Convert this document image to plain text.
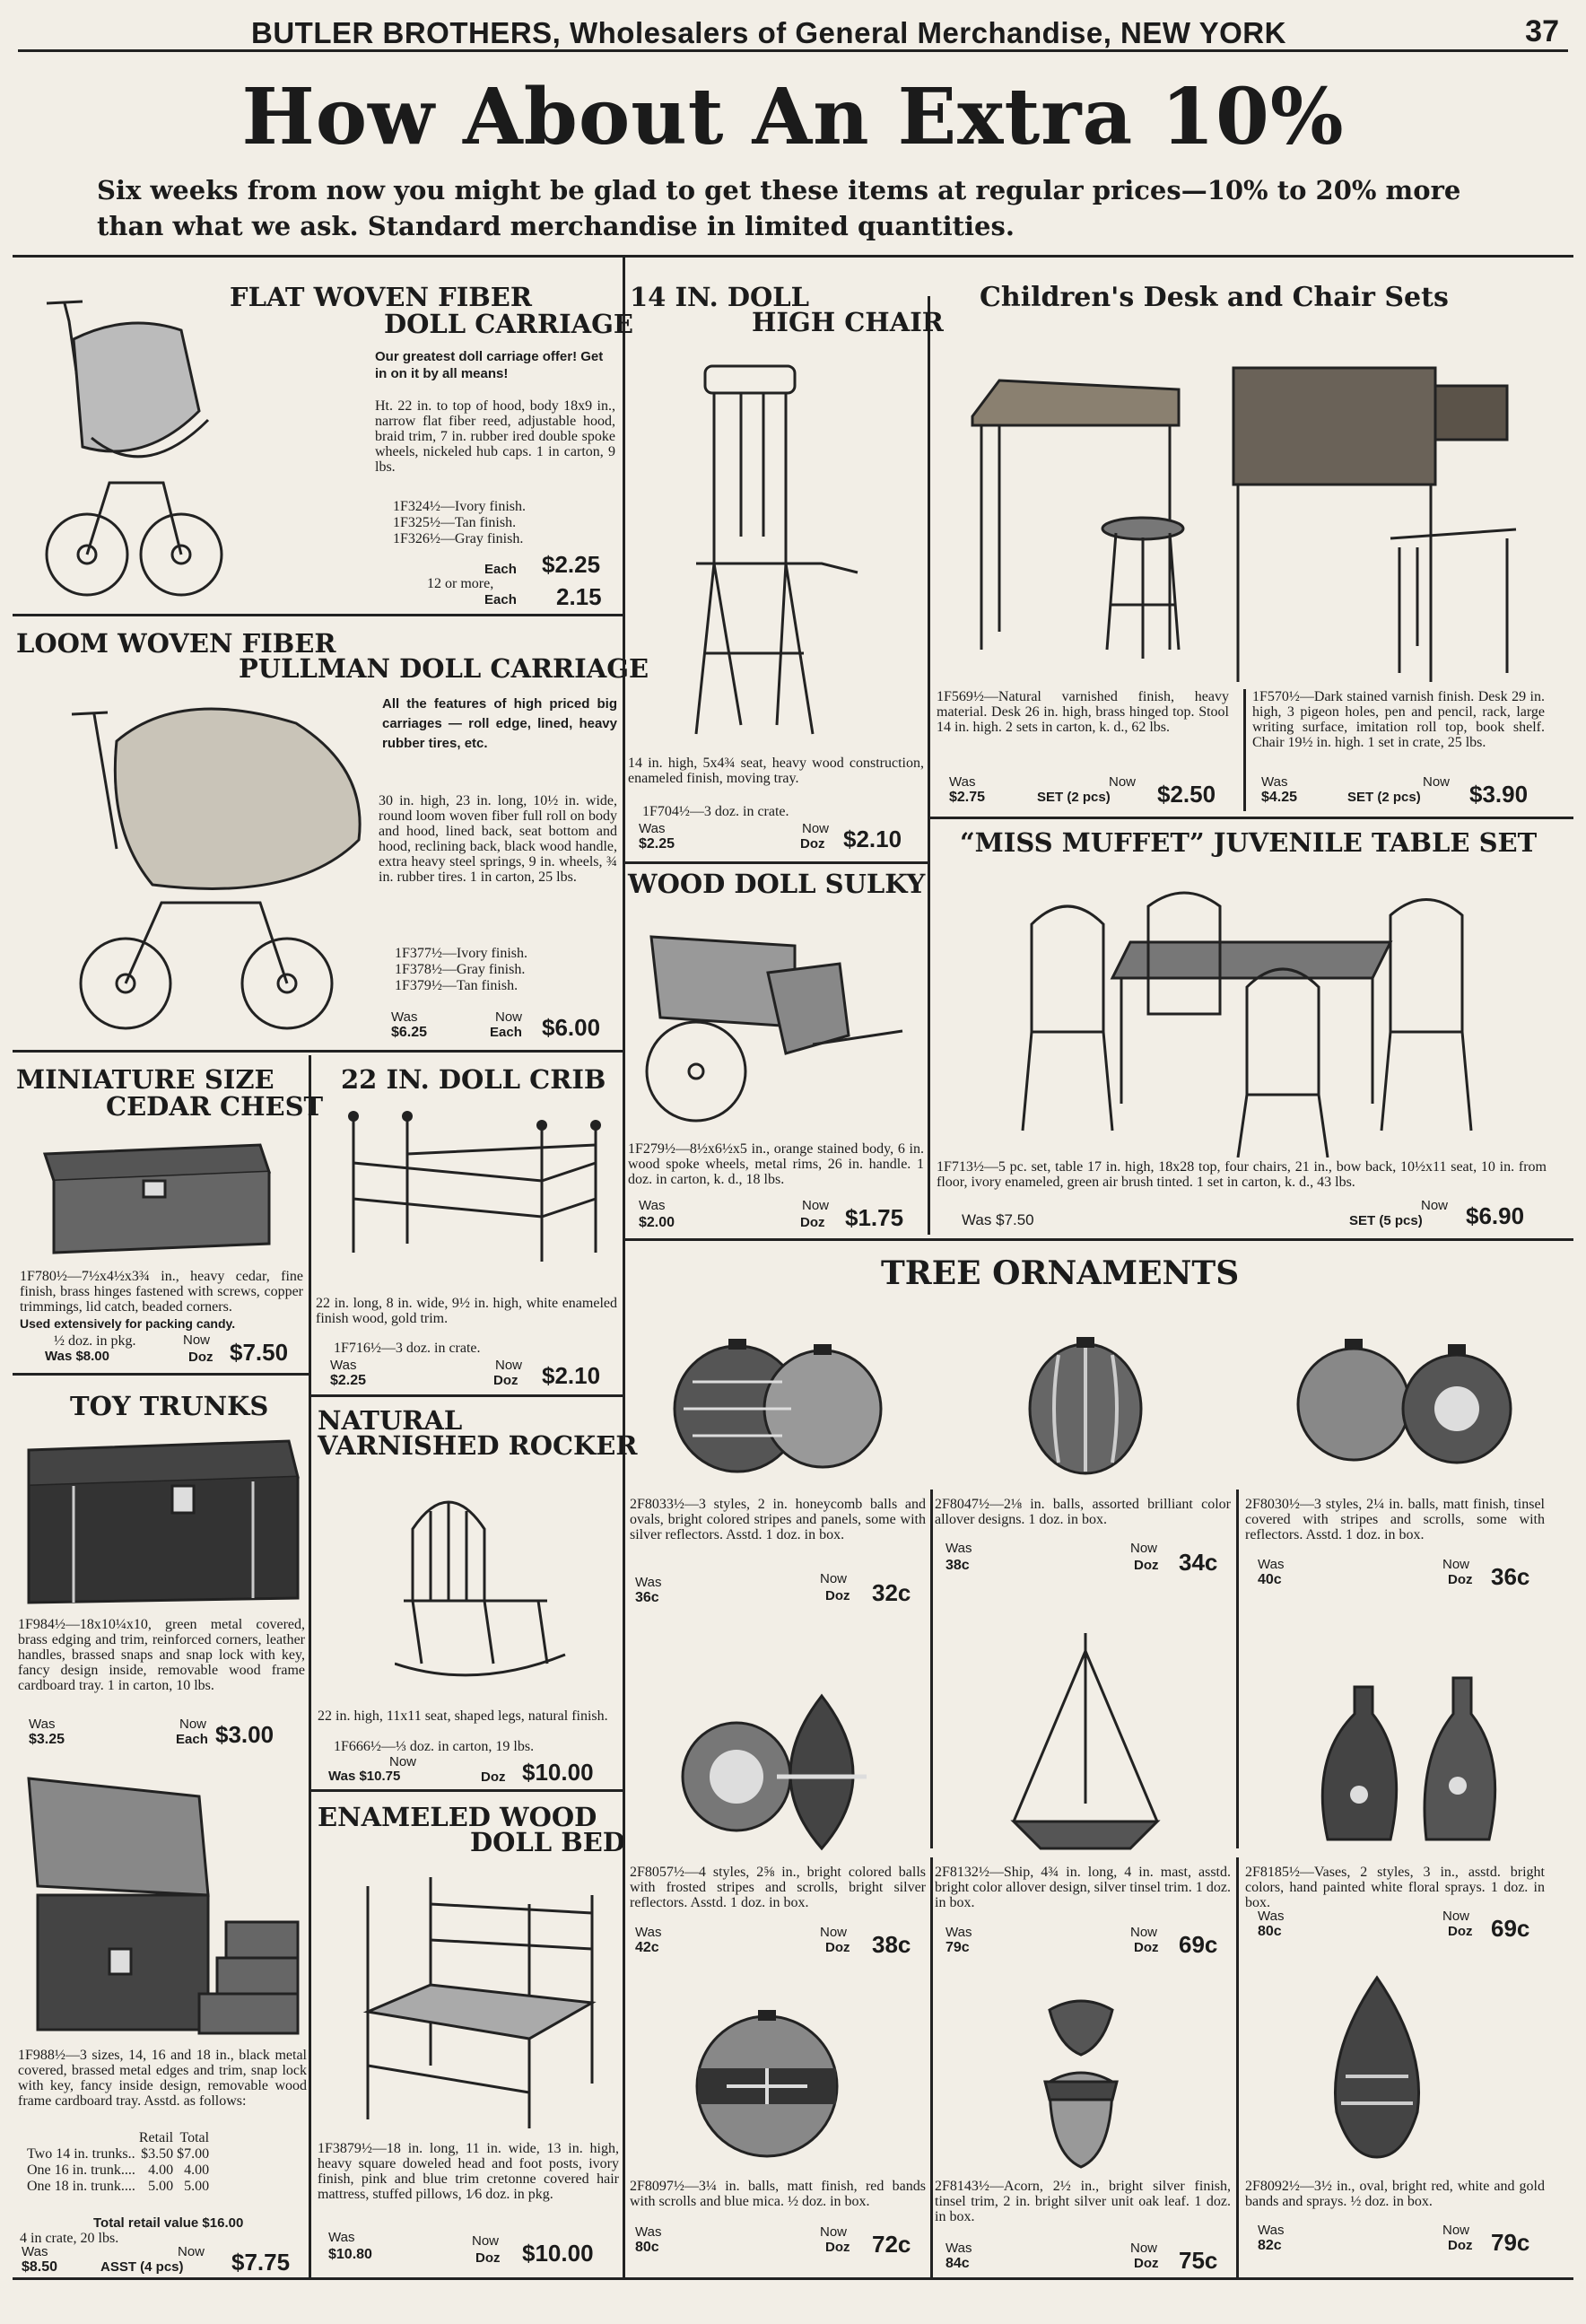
BUTLER BROTHERS, Wholesalers of General Merchandise, NEW YORK	37
How About An Extra 10%
Six weeks from now you might be glad to get these items at regular prices—10% to 20% more than what we ask. Standard merchandise in limited quantities.
FLAT WOVEN FIBER
DOLL CARRIAGE
Our greatest doll carriage offer! Get in on it by all means!
Ht. 22 in. to top of hood, body 18x9 in., narrow flat fiber reed, adjustable hood, braid trim, 7 in. rubber ired double spoke wheels, nickeled hub caps. 1 in carton, 9 lbs.
1F324½—Ivory finish.
1F325½—Tan finish.
1F326½—Gray finish.
Each $2.25
12 or more,
Each 2.15
LOOM WOVEN FIBER
PULLMAN DOLL CARRIAGE
All the features of high priced big carriages — roll edge, lined, heavy rubber tires, etc.
30 in. high, 23 in. long, 10½ in. wide, round loom woven fiber full roll on body and hood, lined back, seat bottom and hood, reclining back, black wood handle, extra heavy steel springs, 9 in. wheels, ¾ in. rubber tires. 1 in carton, 25 lbs.
1F377½—Ivory finish.
1F378½—Gray finish.
1F379½—Tan finish.
Was
$6.25
Now
Each $6.00
14 IN. DOLL
HIGH CHAIR
14 in. high, 5x4¾ seat, heavy wood construction, enameled finish, moving tray.
1F704½—3 doz. in crate.
Was
$2.25
Now
Doz $2.10
Children's Desk and Chair Sets
1F569½—Natural varnished finish, heavy material. Desk 26 in. high, brass hinged top. Stool 14 in. high. 2 sets in carton, k. d., 62 lbs.
Was
$2.75
Now
SET (2 pcs) $2.50
1F570½—Dark stained varnish finish. Desk 29 in. high, 3 pigeon holes, pen and pencil, rack, large writing surface, imitation roll top, book shelf. Chair 19½ in. high. 1 set in crate, 25 lbs.
Was
$4.25
Now
SET (2 pcs) $3.90
WOOD DOLL SULKY
1F279½—8½x6½x5 in., orange stained body, 6 in. wood spoke wheels, metal rims, 26 in. handle. 1 doz. in carton, k. d., 18 lbs.
Was
$2.00
Now
Doz $1.75
“MISS MUFFET” JUVENILE TABLE SET
1F713½—5 pc. set, table 17 in. high, 18x28 top, four chairs, 21 in., bow back, 10½x11 seat, 10 in. from floor, ivory enameled, green air brush tinted. 1 set in carton, k. d., 43 lbs.
Was $7.50
Now
SET (5 pcs) $6.90
MINIATURE SIZE
CEDAR CHEST
1F780½—7½x4½x3¾ in., heavy cedar, fine finish, brass hinges fastened with screws, copper trimmings, lid catch, beaded corners.
Used extensively for packing candy.
½ doz. in pkg.	Now
Was $8.00	Doz $7.50
22 IN. DOLL CRIB
22 in. long, 8 in. wide, 9½ in. high, white enameled finish wood, gold trim.
1F716½—3 doz. in crate.
Was
$2.25
Now
Doz $2.10
TOY TRUNKS
1F984½—18x10¼x10, green metal covered, brass edging and trim, reinforced corners, leather handles, brassed snaps and snap lock with key, fancy design inside, removable wood frame cardboard tray. 1 in carton, 10 lbs.
Was
$3.25
Now
Each $3.00
NATURAL
VARNISHED ROCKER
22 in. high, 11x11 seat, shaped legs, natural finish.
1F666½—⅓ doz. in carton, 19 lbs.
Now
Was $10.75	Doz $10.00
1F988½—3 sizes, 14, 16 and 18 in., black metal covered, brassed metal edges and trim, snap lock with key, fancy inside design, removable wood frame cardboard tray. Asstd. as follows:
	Retail	Total
Two 14 in. trunks..	$3.50	$7.00
One 16 in. trunk....	4.00	4.00
One 18 in. trunk....	5.00	5.00
Total retail value $16.00
4 in crate, 20 lbs.
Was
$8.50
Now
ASST (4 pcs) $7.75
ENAMELED WOOD
DOLL BED
1F3879½—18 in. long, 11 in. wide, 13 in. high, heavy square doweled head and foot posts, ivory finish, pink and blue trim cretonne covered hair mattress, stuffed pillows, 1⁄6 doz. in pkg.
Was
$10.80
Now
Doz $10.00
TREE ORNAMENTS
2F8033½—3 styles, 2 in. honeycomb balls and ovals, bright colored stripes and panels, some with silver reflectors. Asstd. 1 doz. in box.
Was
36c
Now
Doz 32c
2F8047½—2⅛ in. balls, assorted brilliant color allover designs. 1 doz. in box.
Was
38c
Now
Doz 34c
2F8030½—3 styles, 2¼ in. balls, matt finish, tinsel covered with stripes and scrolls, some with reflectors. Asstd. 1 doz. in box.
Was
40c
Now
Doz 36c
2F8057½—4 styles, 2⅝ in., bright colored balls with frosted stripes and scrolls, bright silver reflectors. Asstd. 1 doz. in box.
Was
42c
Now
Doz 38c
2F8132½—Ship, 4¾ in. long, 4 in. mast, asstd. bright color allover design, silver tinsel trim. 1 doz. in box.
Was
79c
Now
Doz 69c
2F8185½—Vases, 2 styles, 3 in., asstd. bright colors, hand painted white floral sprays. 1 doz. in box.
Was
80c
Now
Doz 69c
2F8097½—3¼ in. balls, matt finish, red bands with scrolls and blue mica. ½ doz. in box.
Was
80c
Now
Doz 72c
2F8143½—Acorn, 2½ in., bright silver finish, tinsel trim, 2 in. bright silver unit oak leaf. 1 doz. in box.
Was
84c
Now
Doz 75c
2F8092½—3½ in., oval, bright red, white and gold bands and sprays. ½ doz. in box.
Was
82c
Now
Doz 79c
